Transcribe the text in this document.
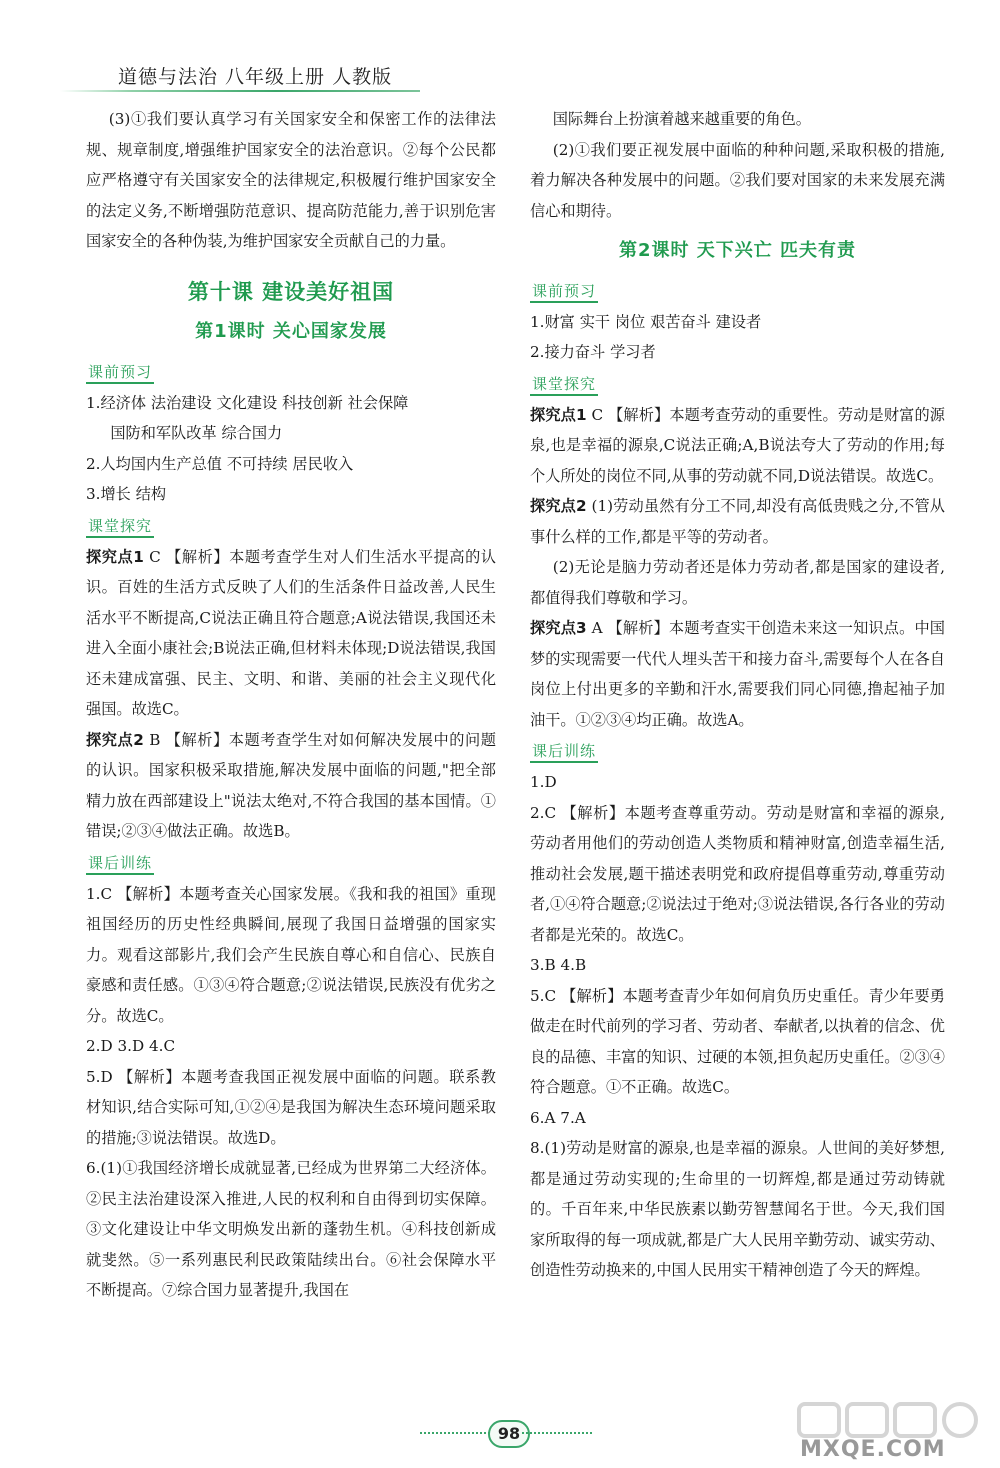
道德与法治 八年级上册 人教版

(3)①我们要认真学习有关国家安全和保密工作的法律法规、规章制度,增强维护国家安全的法治意识。②每个公民都应严格遵守有关国家安全的法律规定,积极履行维护国家安全的法定义务,不断增强防范意识、提高防范能力,善于识别危害国家安全的各种伪装,为维护国家安全贡献自己的力量。

第十课 建设美好祖国
第1课时 关心国家发展
课前预习

1.经济体 法治建设 文化建设 科技创新 社会保障

国防和军队改革 综合国力

2.人均国内生产总值 不可持续 居民收入

3.增长 结构

课堂探究

探究点1 C 【解析】本题考查学生对人们生活水平提高的认识。百姓的生活方式反映了人们的生活条件日益改善,人民生活水平不断提高,C说法正确且符合题意;A说法错误,我国还未进入全面小康社会;B说法正确,但材料未体现;D说法错误,我国还未建成富强、民主、文明、和谐、美丽的社会主义现代化强国。故选C。

探究点2 B 【解析】本题考查学生对如何解决发展中的问题的认识。国家积极采取措施,解决发展中面临的问题,"把全部精力放在西部建设上"说法太绝对,不符合我国的基本国情。①错误;②③④做法正确。故选B。

课后训练

1.C 【解析】本题考查关心国家发展。《我和我的祖国》重现祖国经历的历史性经典瞬间,展现了我国日益增强的国家实力。观看这部影片,我们会产生民族自尊心和自信心、民族自豪感和责任感。①③④符合题意;②说法错误,民族没有优劣之分。故选C。

2.D 3.D 4.C

5.D 【解析】本题考查我国正视发展中面临的问题。联系教材知识,结合实际可知,①②④是我国为解决生态环境问题采取的措施;③说法错误。故选D。

6.(1)①我国经济增长成就显著,已经成为世界第二大经济体。②民主法治建设深入推进,人民的权利和自由得到切实保障。③文化建设让中华文明焕发出新的蓬勃生机。④科技创新成就斐然。⑤一系列惠民利民政策陆续出台。⑥社会保障水平不断提高。⑦综合国力显著提升,我国在

国际舞台上扮演着越来越重要的角色。

(2)①我们要正视发展中面临的种种问题,采取积极的措施,着力解决各种发展中的问题。②我们要对国家的未来发展充满信心和期待。

第2课时 天下兴亡 匹夫有责
课前预习

1.财富 实干 岗位 艰苦奋斗 建设者

2.接力奋斗 学习者

课堂探究

探究点1 C 【解析】本题考查劳动的重要性。劳动是财富的源泉,也是幸福的源泉,C说法正确;A,B说法夸大了劳动的作用;每个人所处的岗位不同,从事的劳动就不同,D说法错误。故选C。

探究点2 (1)劳动虽然有分工不同,却没有高低贵贱之分,不管从事什么样的工作,都是平等的劳动者。

(2)无论是脑力劳动者还是体力劳动者,都是国家的建设者,都值得我们尊敬和学习。

探究点3 A 【解析】本题考查实干创造未来这一知识点。中国梦的实现需要一代代人埋头苦干和接力奋斗,需要每个人在各自岗位上付出更多的辛勤和汗水,需要我们同心同德,撸起袖子加油干。①②③④均正确。故选A。

课后训练

1.D

2.C 【解析】本题考查尊重劳动。劳动是财富和幸福的源泉,劳动者用他们的劳动创造人类物质和精神财富,创造幸福生活,推动社会发展,题干描述表明党和政府提倡尊重劳动,尊重劳动者,①④符合题意;②说法过于绝对;③说法错误,各行各业的劳动者都是光荣的。故选C。

3.B 4.B

5.C 【解析】本题考查青少年如何肩负历史重任。青少年要勇做走在时代前列的学习者、劳动者、奉献者,以执着的信念、优良的品德、丰富的知识、过硬的本领,担负起历史重任。②③④符合题意。①不正确。故选C。

6.A 7.A

8.(1)劳动是财富的源泉,也是幸福的源泉。人世间的美好梦想,都是通过劳动实现的;生命里的一切辉煌,都是通过劳动铸就的。千百年来,中华民族素以勤劳智慧闻名于世。今天,我们国家所取得的每一项成就,都是广大人民用辛勤劳动、诚实劳动、创造性劳动换来的,中国人民用实干精神创造了今天的辉煌。

98
MXQE.COM
